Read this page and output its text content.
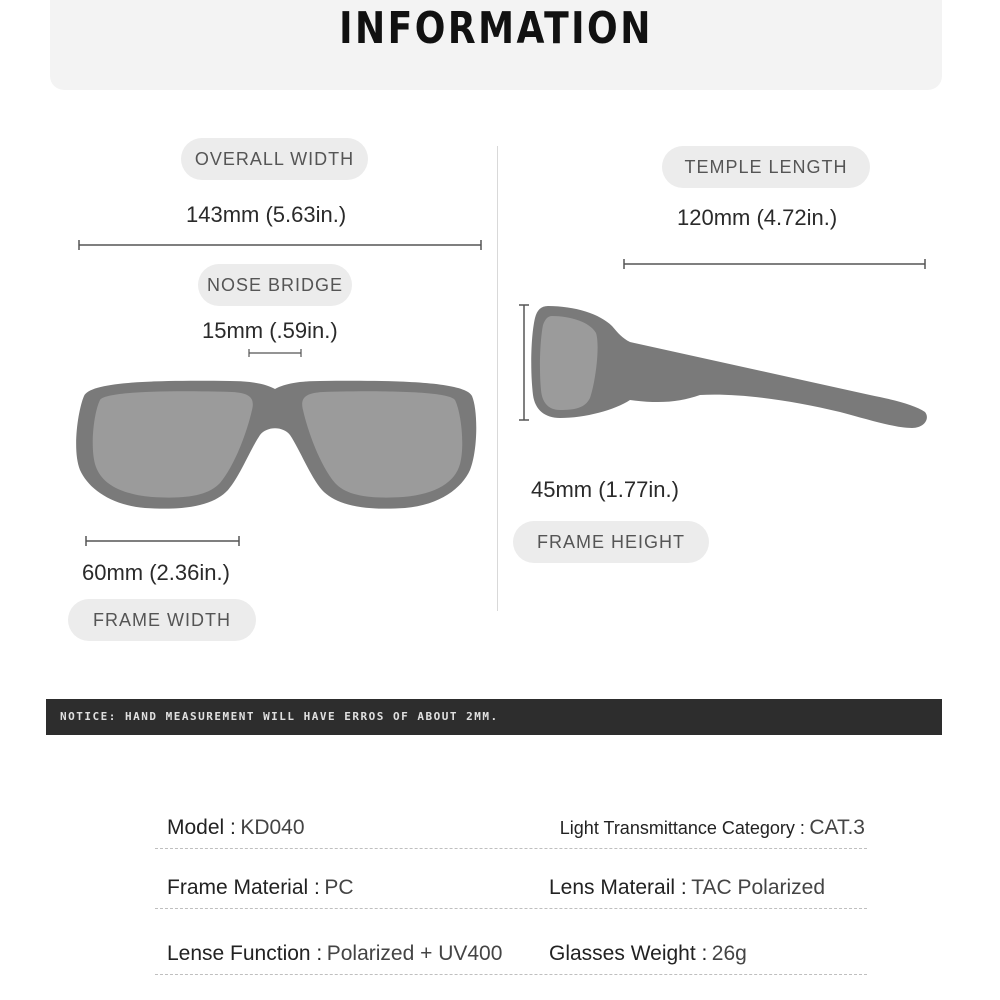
INFORMATION
OVERALL WIDTH
143mm (5.63in.)
NOSE BRIDGE
15mm (.59in.)
60mm (2.36in.)
FRAME WIDTH
TEMPLE LENGTH
120mm (4.72in.)
45mm (1.77in.)
FRAME HEIGHT
NOTICE: HAND MEASUREMENT WILL HAVE ERROS OF ABOUT 2MM.
Model : KD040	Light Transmittance Category : CAT.3
Frame Material : PC	Lens Materail : TAC Polarized
Lense Function : Polarized + UV400 Glasses Weight : 26g
